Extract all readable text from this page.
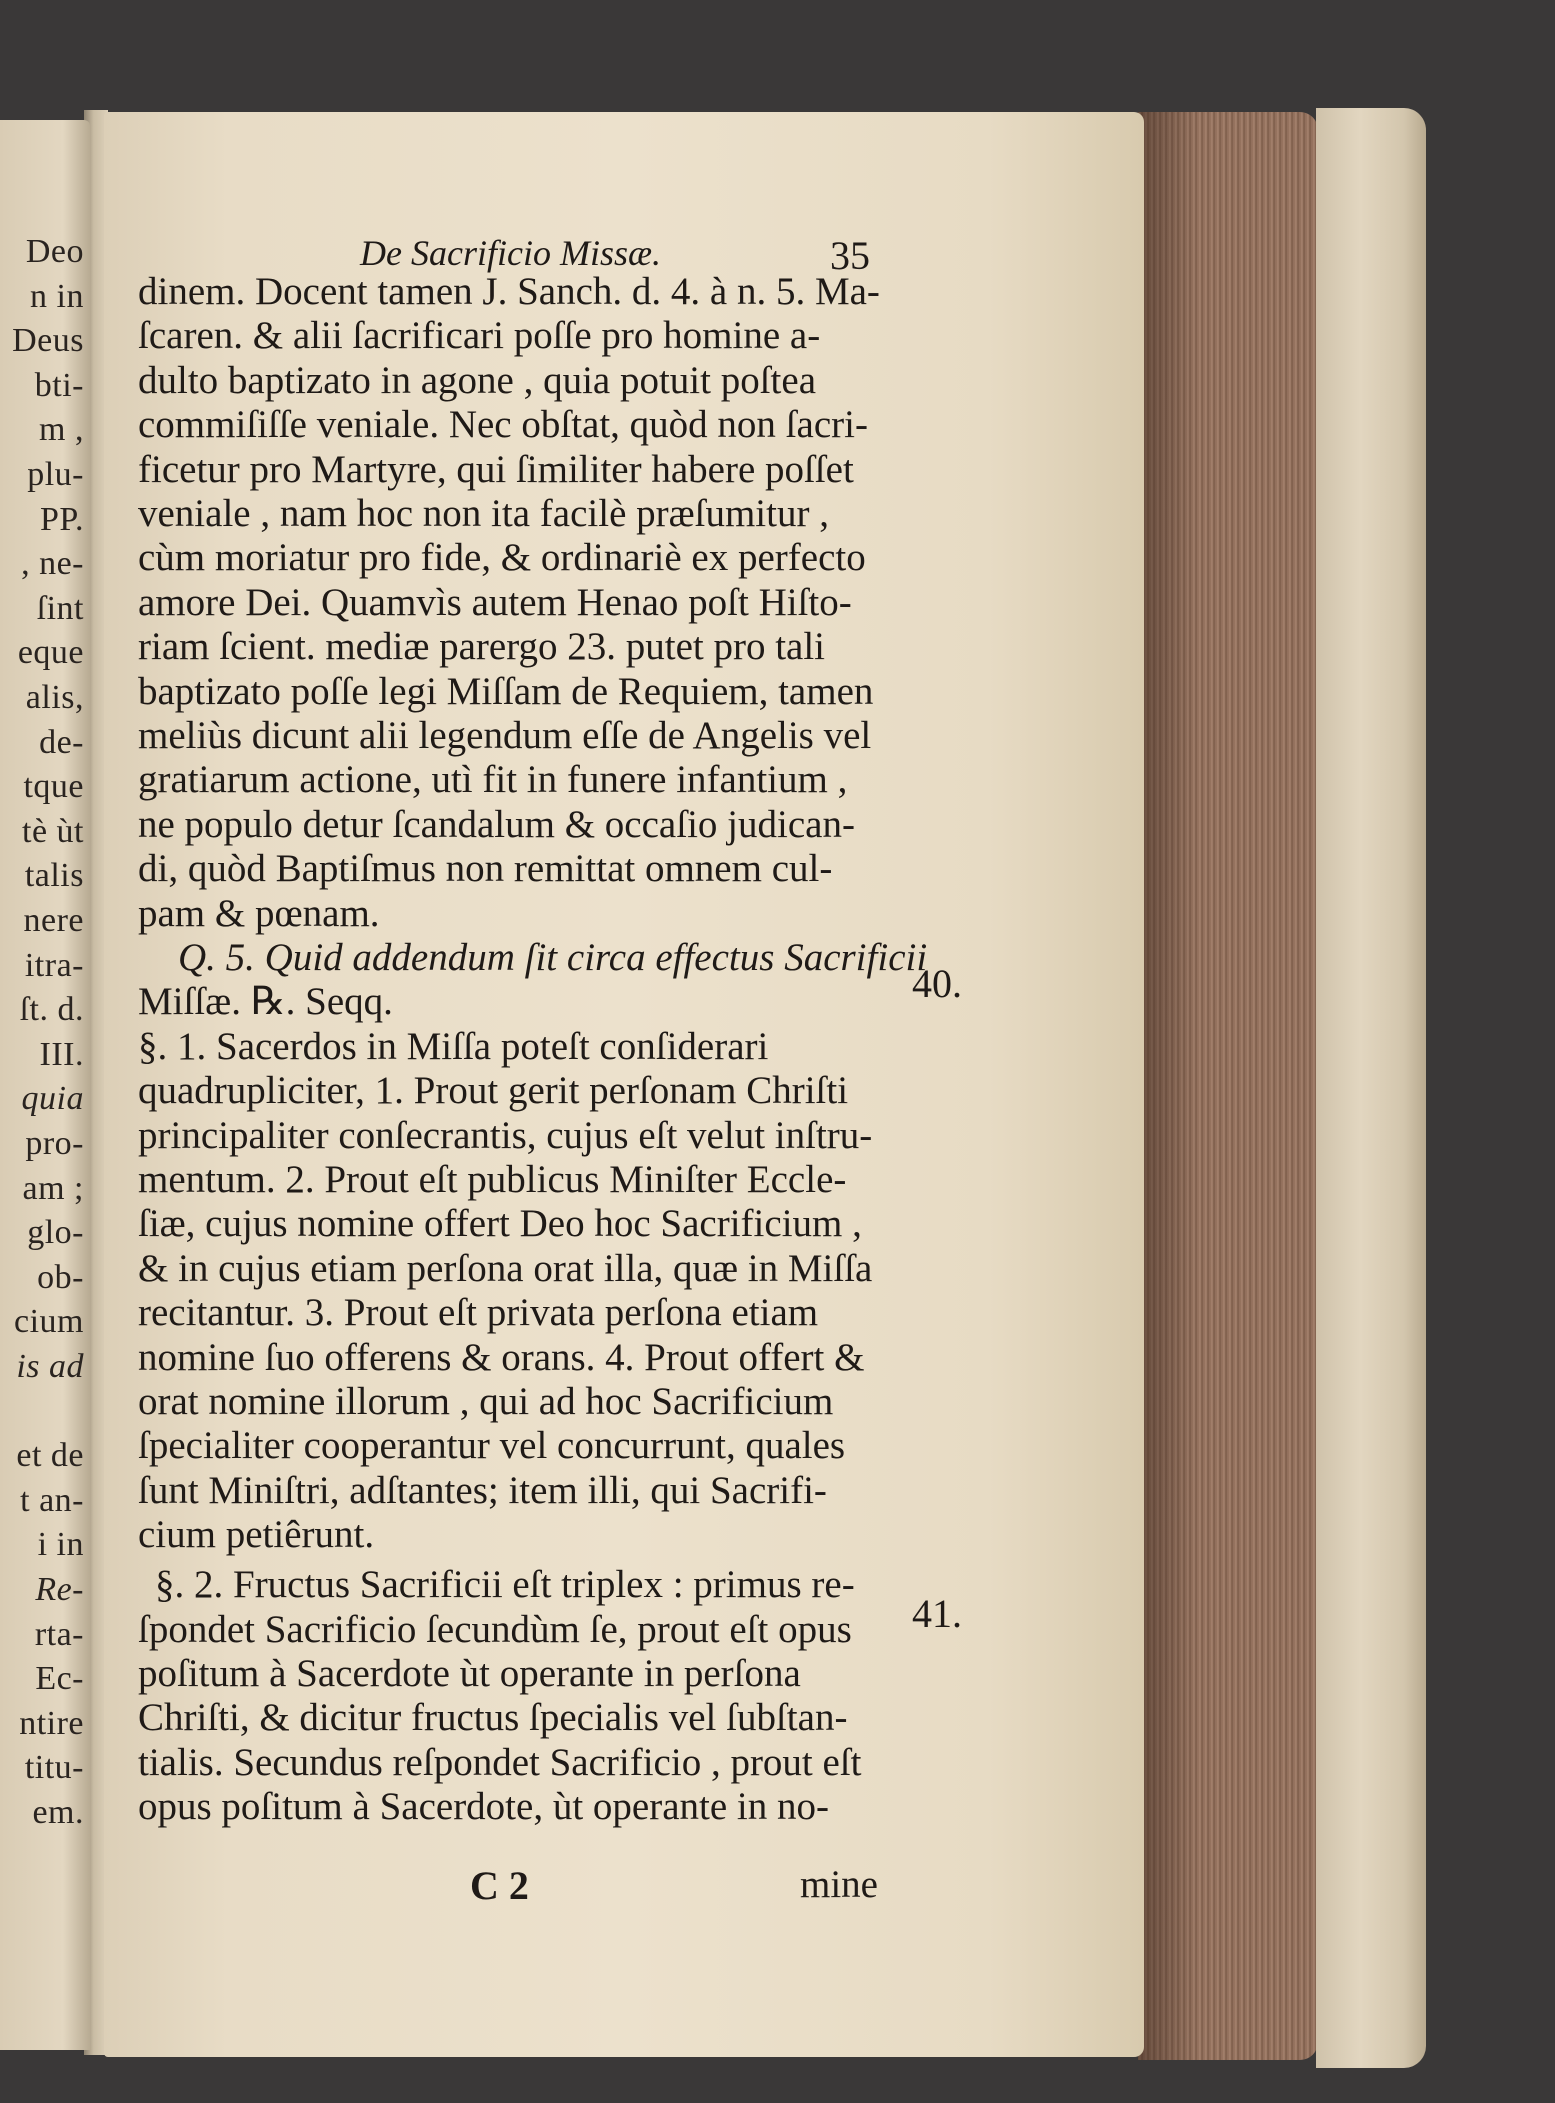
Deo
n in
Deus
bti-
m ,
plu-
PP.
, ne-
ſint
eque
alis,
de-
tque
tè ùt
talis
nere
itra-
ſt. d.
III.
quia
pro-
am ;
glo-
ob-
cium
is ad
et de
t an-
i in
Re-
rta-
Ec-
ntire
titu-
em.
De Sacrificio Missæ.	35
dinem. Docent tamen J. Sanch. d. 4. à n. 5. Ma-
ſcaren. & alii ſacrificari poſſe pro homine a-
dulto baptizato in agone , quia potuit poſtea
commiſiſſe veniale. Nec obſtat, quòd non ſacri-
ficetur pro Martyre, qui ſimiliter habere poſſet
veniale , nam hoc non ita facilè præſumitur ,
cùm moriatur pro fide, & ordinariè ex perfecto
amore Dei. Quamvìs autem Henao poſt Hiſto-
riam ſcient. mediæ parergo 23. putet pro tali
baptizato poſſe legi Miſſam de Requiem, tamen
meliùs dicunt alii legendum eſſe de Angelis vel
gratiarum actione, utì fit in funere infantium ,
ne populo detur ſcandalum & occaſio judican-
di, quòd Baptiſmus non remittat omnem cul-
pam & pœnam.
Q. 5. Quid addendum ſit circa effectus Sacrificii
Miſſæ. ℞. Seqq.
§. 1. Sacerdos in Miſſa poteſt conſiderari
quadrupliciter, 1. Prout gerit perſonam Chriſti
principaliter conſecrantis, cujus eſt velut inſtru-
mentum. 2. Prout eſt publicus Miniſter Eccle-
ſiæ, cujus nomine offert Deo hoc Sacrificium ,
& in cujus etiam perſona orat illa, quæ in Miſſa
recitantur. 3. Prout eſt privata perſona etiam
nomine ſuo offerens & orans. 4. Prout offert &
orat nomine illorum , qui ad hoc Sacrificium
ſpecialiter cooperantur vel concurrunt, quales
ſunt Miniſtri, adſtantes; item illi, qui Sacrifi-
cium petiêrunt.
§. 2. Fructus Sacrificii eſt triplex : primus re-
ſpondet Sacrificio ſecundùm ſe, prout eſt opus
poſitum à Sacerdote ùt operante in perſona
Chriſti, & dicitur fructus ſpecialis vel ſubſtan-
tialis. Secundus reſpondet Sacrificio , prout eſt
opus poſitum à Sacerdote, ùt operante in no-
40.
41.
C 2	mine
